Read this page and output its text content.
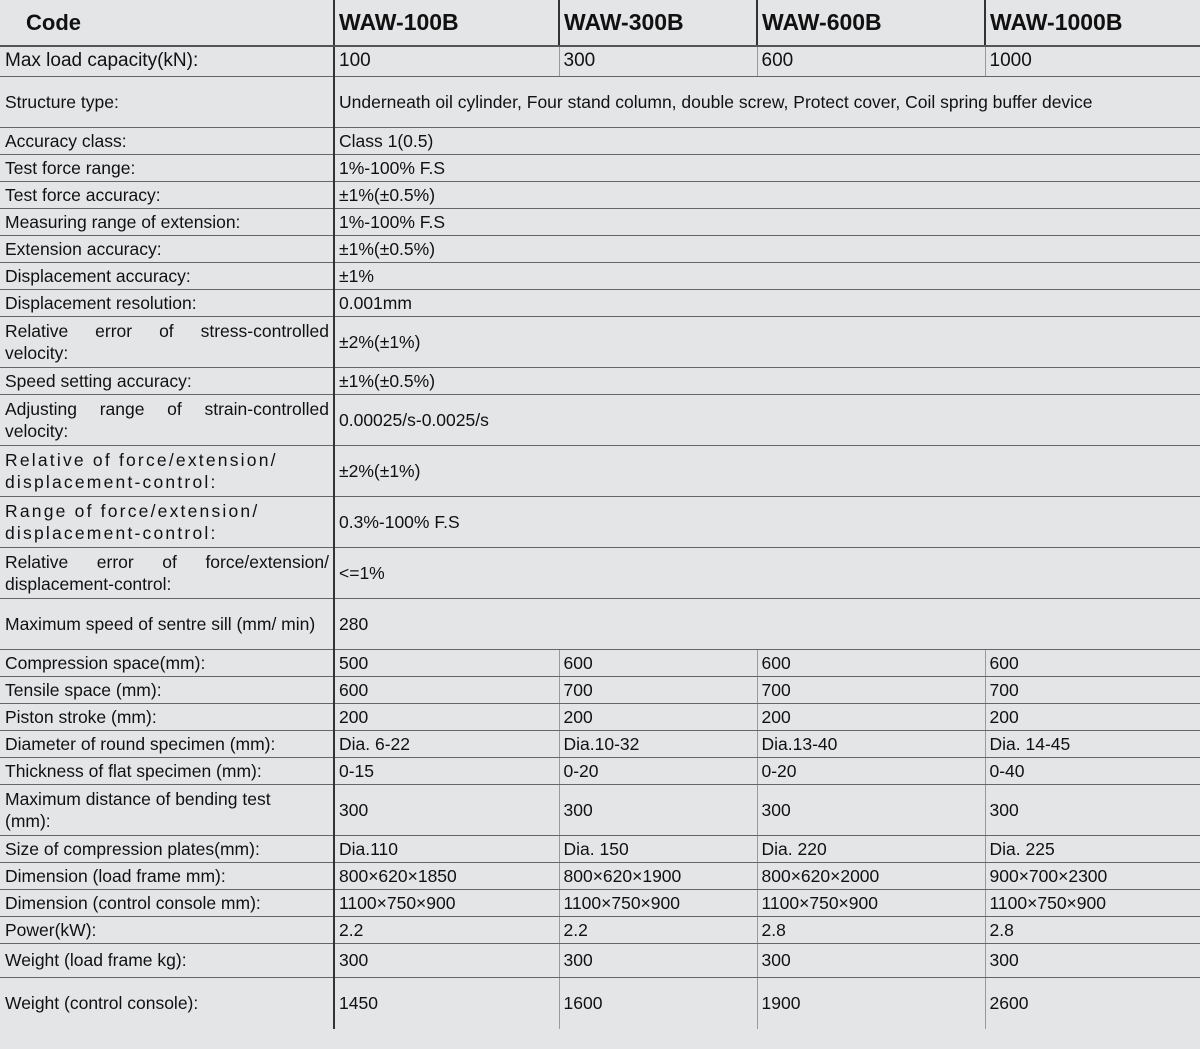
Code	WAW-100B	WAW-300B	WAW-600B	WAW-1000B
Max load capacity(kN):	100	300	600	1000
Structure type:	Underneath oil cylinder, Four stand column, double screw, Protect cover, Coil spring buffer device			
Accuracy class:	Class 1(0.5)			
Test force range:	1%-100% F.S			
Test force accuracy:	±1%(±0.5%)			
Measuring range of extension:	1%-100% F.S			
Extension accuracy:	±1%(±0.5%)			
Displacement accuracy:	±1%			
Displacement resolution:	0.001mm			
Relative error of stress-controlled velocity:	±2%(±1%)			
Speed setting accuracy:	±1%(±0.5%)			
Adjusting range of strain-controlled velocity:	0.00025/s-0.0025/s			
Relative of force/extension/ displacement-control:	±2%(±1%)			
Range of force/extension/ displacement-control:	0.3%-100% F.S			
Relative error of force/extension/ displacement-control:	<=1%			
Maximum speed of sentre sill (mm/ min)	280			
Compression space(mm):	500	600	600	600
Tensile space (mm):	600	700	700	700
Piston stroke (mm):	200	200	200	200
Diameter of round specimen (mm):	Dia. 6-22	Dia.10-32	Dia.13-40	Dia. 14-45
Thickness of flat specimen (mm):	0-15	0-20	0-20	0-40
Maximum distance of bending test (mm):	300	300	300	300
Size of compression plates(mm):	Dia.110	Dia. 150	Dia. 220	Dia. 225
Dimension (load frame mm):	800×620×1850	800×620×1900	800×620×2000	900×700×2300
Dimension (control console mm):	1100×750×900	1100×750×900	1100×750×900	1100×750×900
Power(kW):	2.2	2.2	2.8	2.8
Weight (load frame kg):	300	300	300	300
Weight (control console):	1450	1600	1900	2600
